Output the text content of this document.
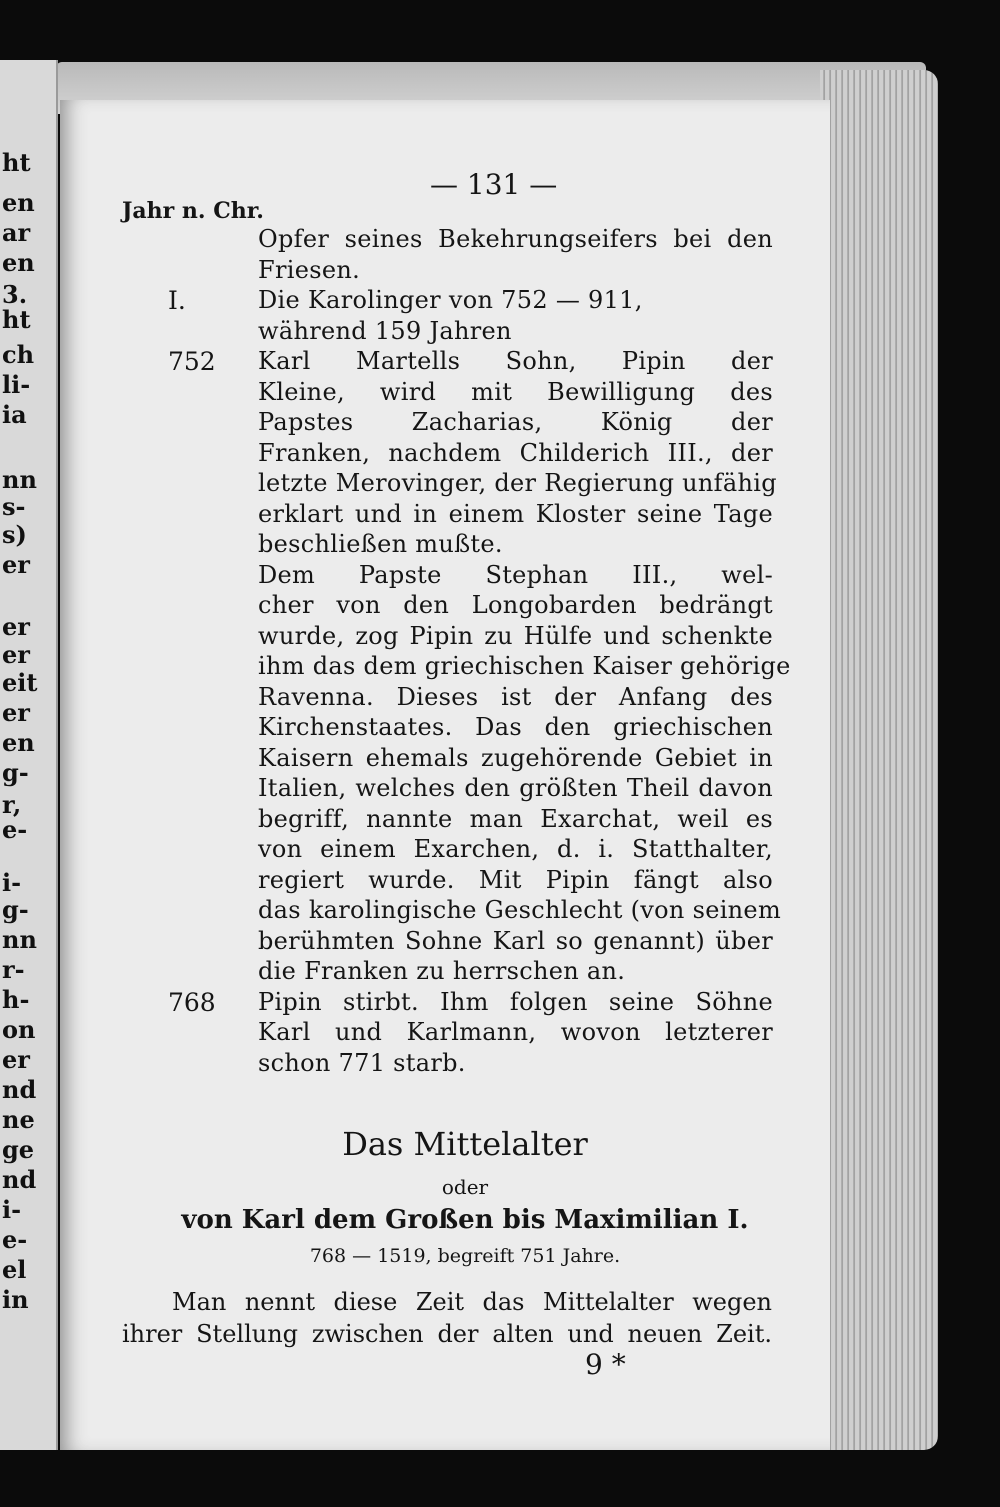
ht
en
ar
en
3.
ht
ch
li-
ia
nn
s-
s)
er
er
er
eit
er
en
g-
r,
e-
i-
g-
nn
r-
h-
on
er
nd
ne
ge
nd
i-
e-
el
in
— 131 —
Jahr n. Chr.
Opfer seines Bekehrungseifers bei den
Friesen.
I.	Die Karolinger von 752 — 911,
während 159 Jahren
752 Karl Martells Sohn, Pipin der
Kleine, wird mit Bewilligung des
Papstes Zacharias, König der
Franken, nachdem Childerich III., der
letzte Merovinger, der Regierung unfähig
erklart und in einem Kloster seine Tage
beschließen mußte.
Dem Papste Stephan III., wel-
cher von den Longobarden bedrängt
wurde, zog Pipin zu Hülfe und schenkte
ihm das dem griechischen Kaiser gehörige
Ravenna. Dieses ist der Anfang des
Kirchenstaates. Das den griechischen
Kaisern ehemals zugehörende Gebiet in
Italien, welches den größten Theil davon
begriff, nannte man Exarchat, weil es
von einem Exarchen, d. i. Statthalter,
regiert wurde. Mit Pipin fängt also
das karolingische Geschlecht (von seinem
berühmten Sohne Karl so genannt) über
die Franken zu herrschen an.
768 Pipin stirbt. Ihm folgen seine Söhne
Karl und Karlmann, wovon letzterer
schon 771 starb.
Das Mittelalter
oder
von Karl dem Großen bis Maximilian I.
768 — 1519, begreift 751 Jahre.
Man nennt diese Zeit das Mittelalter wegen
ihrer Stellung zwischen der alten und neuen Zeit.
9 *
